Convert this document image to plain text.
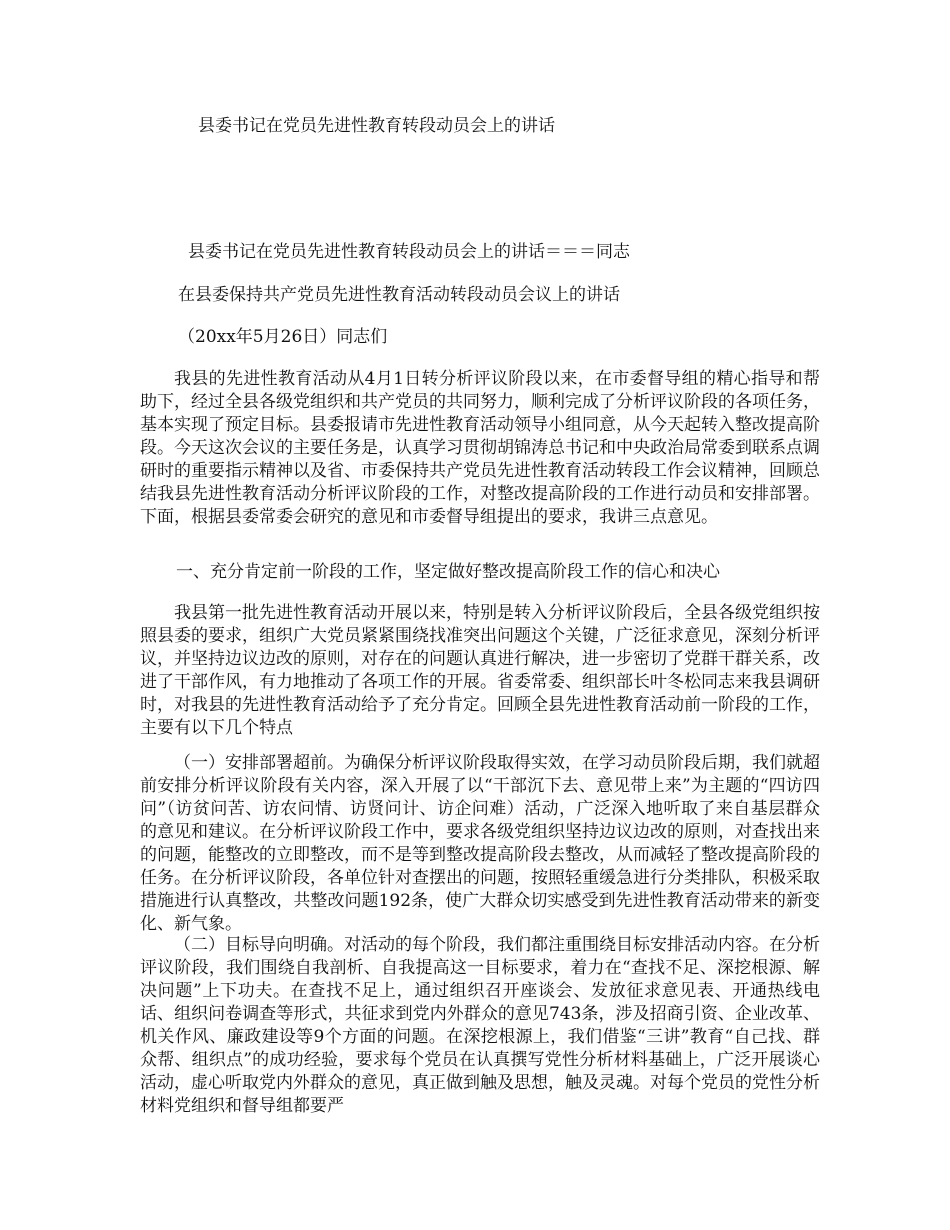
县委书记在党员先进性教育转段动员会上的讲话

县委书记在党员先进性教育转段动员会上的讲话＝＝＝同志

在县委保持共产党员先进性教育活动转段动员会议上的讲话

（20xx年5月26日）同志们

我县的先进性教育活动从4月1日转分析评议阶段以来，在市委督导组的精心指导和帮助下，经过全县各级党组织和共产党员的共同努力，顺利完成了分析评议阶段的各项任务，基本实现了预定目标。县委报请市先进性教育活动领导小组同意，从今天起转入整改提高阶段。今天这次会议的主要任务是，认真学习贯彻胡锦涛总书记和中央政治局常委到联系点调研时的重要指示精神以及省、市委保持共产党员先进性教育活动转段工作会议精神，回顾总结我县先进性教育活动分析评议阶段的工作，对整改提高阶段的工作进行动员和安排部署。下面，根据县委常委会研究的意见和市委督导组提出的要求，我讲三点意见。

一、充分肯定前一阶段的工作，坚定做好整改提高阶段工作的信心和决心

我县第一批先进性教育活动开展以来，特别是转入分析评议阶段后，全县各级党组织按照县委的要求，组织广大党员紧紧围绕找准突出问题这个关键，广泛征求意见，深刻分析评议，并坚持边议边改的原则，对存在的问题认真进行解决，进一步密切了党群干群关系，改进了干部作风，有力地推动了各项工作的开展。省委常委、组织部长叶冬松同志来我县调研时，对我县的先进性教育活动给予了充分肯定。回顾全县先进性教育活动前一阶段的工作，主要有以下几个特点

（一）安排部署超前。为确保分析评议阶段取得实效，在学习动员阶段后期，我们就超前安排分析评议阶段有关内容，深入开展了以“干部沉下去、意见带上来”为主题的“四访四问”（访贫问苦、访农问情、访贤问计、访企问难）活动，广泛深入地听取了来自基层群众的意见和建议。在分析评议阶段工作中，要求各级党组织坚持边议边改的原则，对查找出来的问题，能整改的立即整改，而不是等到整改提高阶段去整改，从而减轻了整改提高阶段的任务。在分析评议阶段，各单位针对查摆出的问题，按照轻重缓急进行分类排队，积极采取措施进行认真整改，共整改问题192条，使广大群众切实感受到先进性教育活动带来的新变化、新气象。

（二）目标导向明确。对活动的每个阶段，我们都注重围绕目标安排活动内容。在分析评议阶段，我们围绕自我剖析、自我提高这一目标要求，着力在“查找不足、深挖根源、解决问题”上下功夫。在查找不足上，通过组织召开座谈会、发放征求意见表、开通热线电话、组织问卷调查等形式，共征求到党内外群众的意见743条，涉及招商引资、企业改革、机关作风、廉政建设等9个方面的问题。在深挖根源上，我们借鉴“三讲”教育“自己找、群众帮、组织点”的成功经验，要求每个党员在认真撰写党性分析材料基础上，广泛开展谈心活动，虚心听取党内外群众的意见，真正做到触及思想，触及灵魂。对每个党员的党性分析材料党组织和督导组都要严
